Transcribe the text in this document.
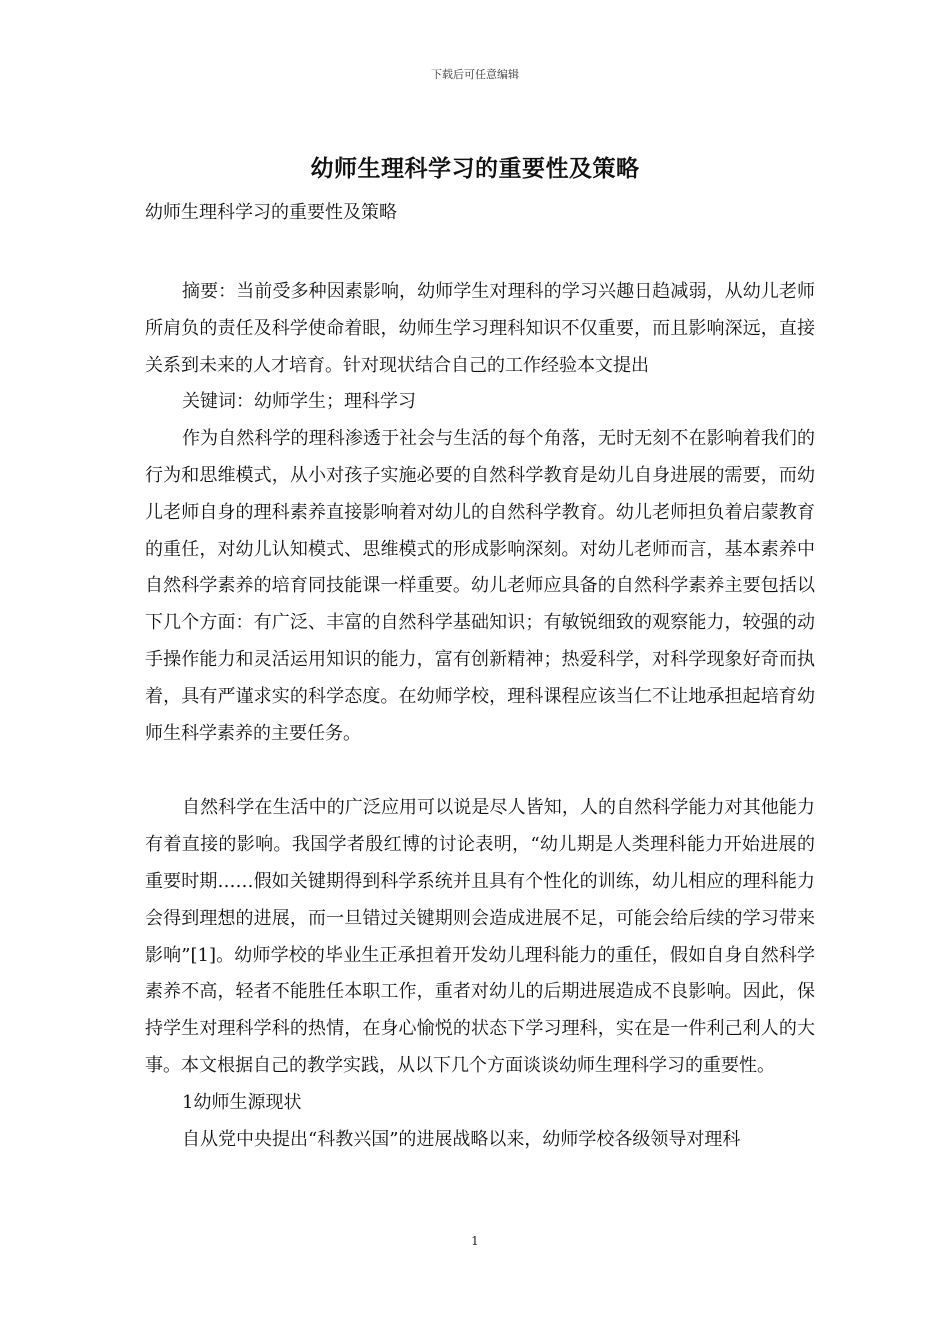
下载后可任意编辑
幼师生理科学习的重要性及策略
幼师生理科学习的重要性及策略

摘要：当前受多种因素影响，幼师学生对理科的学习兴趣日趋减弱，从幼儿老师所肩负的责任及科学使命着眼，幼师生学习理科知识不仅重要，而且影响深远，直接关系到未来的人才培育。针对现状结合自己的工作经验本文提出

关键词：幼师学生；理科学习

作为自然科学的理科渗透于社会与生活的每个角落，无时无刻不在影响着我们的行为和思维模式，从小对孩子实施必要的自然科学教育是幼儿自身进展的需要，而幼儿老师自身的理科素养直接影响着对幼儿的自然科学教育。幼儿老师担负着启蒙教育的重任，对幼儿认知模式、思维模式的形成影响深刻。对幼儿老师而言，基本素养中自然科学素养的培育同技能课一样重要。幼儿老师应具备的自然科学素养主要包括以下几个方面：有广泛、丰富的自然科学基础知识；有敏锐细致的观察能力，较强的动手操作能力和灵活运用知识的能力，富有创新精神；热爱科学，对科学现象好奇而执着，具有严谨求实的科学态度。在幼师学校，理科课程应该当仁不让地承担起培育幼师生科学素养的主要任务。

自然科学在生活中的广泛应用可以说是尽人皆知，人的自然科学能力对其他能力有着直接的影响。我国学者殷红博的讨论表明，“幼儿期是人类理科能力开始进展的重要时期……假如关键期得到科学系统并且具有个性化的训练，幼儿相应的理科能力会得到理想的进展，而一旦错过关键期则会造成进展不足，可能会给后续的学习带来影响”[1]。幼师学校的毕业生正承担着开发幼儿理科能力的重任，假如自身自然科学素养不高，轻者不能胜任本职工作，重者对幼儿的后期进展造成不良影响。因此，保持学生对理科学科的热情，在身心愉悦的状态下学习理科，实在是一件利己利人的大事。本文根据自己的教学实践，从以下几个方面谈谈幼师生理科学习的重要性。

1幼师生源现状

自从党中央提出“科教兴国”的进展战略以来，幼师学校各级领导对理科

1
